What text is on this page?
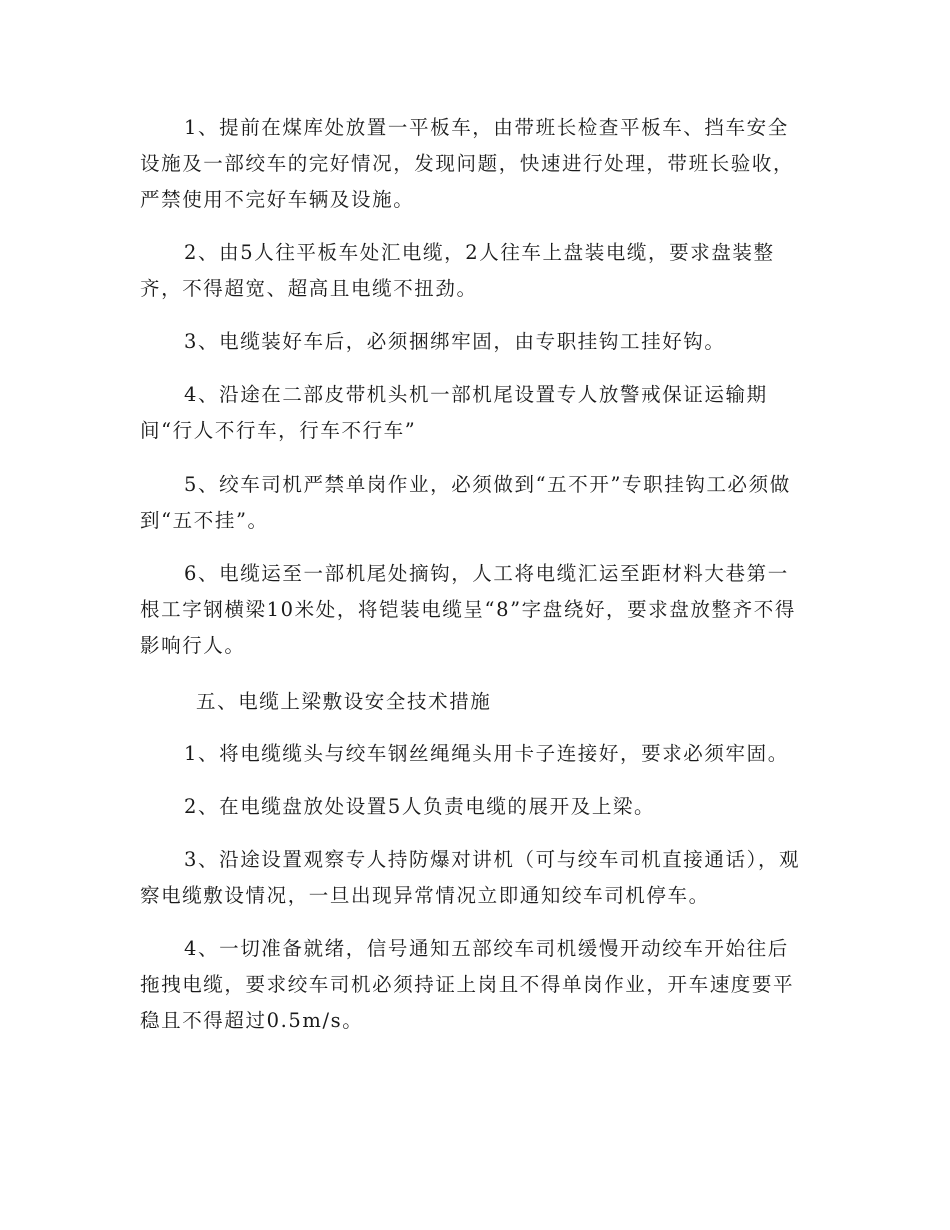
1、提前在煤库处放置一平板车，由带班长检查平板车、挡车安全设施及一部绞车的完好情况，发现问题，快速进行处理，带班长验收，严禁使用不完好车辆及设施。

2、由5人往平板车处汇电缆，2人往车上盘装电缆，要求盘装整齐，不得超宽、超高且电缆不扭劲。

3、电缆装好车后，必须捆绑牢固，由专职挂钩工挂好钩。

4、沿途在二部皮带机头机一部机尾设置专人放警戒保证运输期间“行人不行车，行车不行车”

5、绞车司机严禁单岗作业，必须做到“五不开”专职挂钩工必须做到“五不挂”。

6、电缆运至一部机尾处摘钩，人工将电缆汇运至距材料大巷第一根工字钢横梁10米处，将铠装电缆呈“8”字盘绕好，要求盘放整齐不得影响行人。

五、电缆上梁敷设安全技术措施

1、将电缆缆头与绞车钢丝绳绳头用卡子连接好，要求必须牢固。

2、在电缆盘放处设置5人负责电缆的展开及上梁。

3、沿途设置观察专人持防爆对讲机（可与绞车司机直接通话），观察电缆敷设情况，一旦出现异常情况立即通知绞车司机停车。

4、一切准备就绪，信号通知五部绞车司机缓慢开动绞车开始往后拖拽电缆，要求绞车司机必须持证上岗且不得单岗作业，开车速度要平稳且不得超过0.5m/s。
